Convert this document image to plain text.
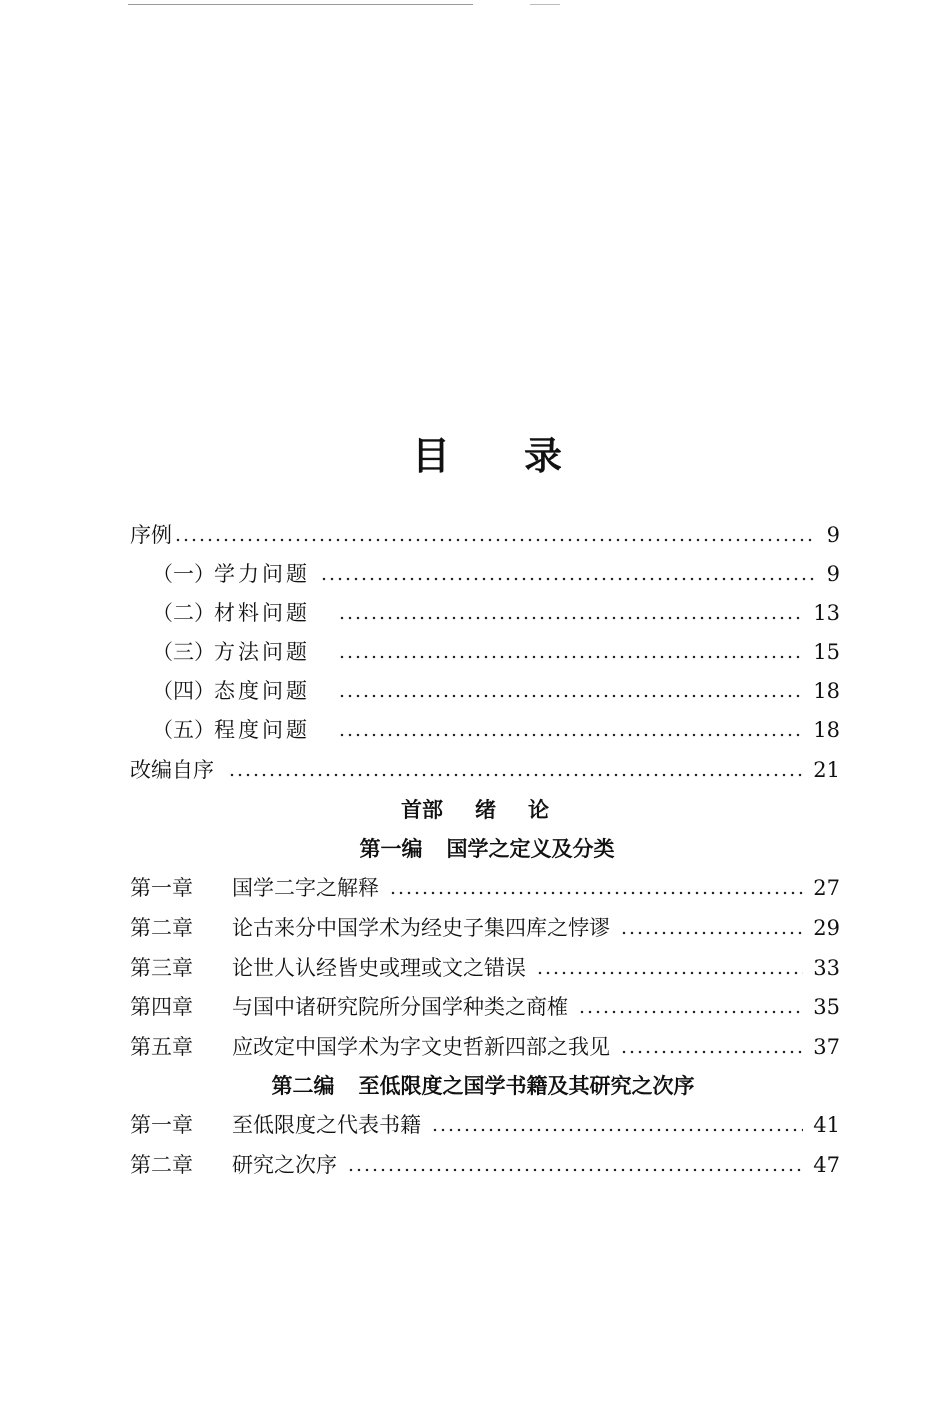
目 录
序例	9
（一） 学力问题	9
（二） 材料问题	13
（三） 方法问题	15
（四） 态度问题	18
（五） 程度问题	18
改编自序	21
首部 绪 论
第一编 国学之定义及分类
第一章	国学二字之解释	27
第二章	论古来分中国学术为经史子集四库之悖谬	29
第三章	论世人认经皆史或理或文之错误	33
第四章	与国中诸研究院所分国学种类之商榷	35
第五章	应改定中国学术为字文史哲新四部之我见	37
第二编 至低限度之国学书籍及其研究之次序
第一章	至低限度之代表书籍	41
第二章	研究之次序	47
